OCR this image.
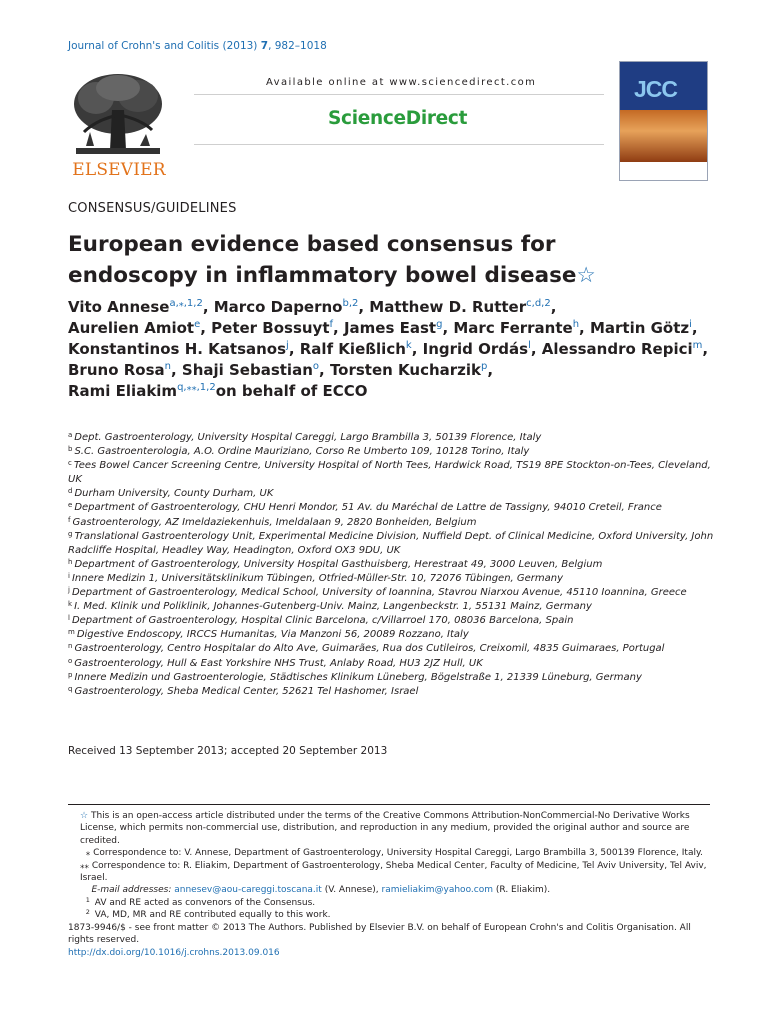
Journal of Crohn's and Colitis (2013) 7, 982–1018
ELSEVIER
Available online at www.sciencedirect.com
ScienceDirect
JCC
CONSENSUS/GUIDELINES
European evidence based consensus for
endoscopy in inflammatory bowel disease☆
Vito Annese$^{a,⁎,1,2}$, Marco Daperno$^{b,2}$, Matthew D. Rutter$^{c,d,2}$,
Aurelien Amiot$^e$, Peter Bossuyt$^f$, James East$^g$, Marc Ferrante$^h$, Martin Götz$^i$,
Konstantinos H. Katsanos$^j$, Ralf Kießlich$^k$, Ingrid Ordás$^l$, Alessandro Repici$^m$,
Bruno Rosa$^n$, Shaji Sebastian$^o$, Torsten Kucharzik$^p$,
Rami Eliakim$^{q,⁎⁎,1,2}$on behalf of ECCO
$^a$ Dept. Gastroenterology, University Hospital Careggi, Largo Brambilla 3, 50139 Florence, Italy
$^b$ S.C. Gastroenterologia, A.O. Ordine Mauriziano, Corso Re Umberto 109, 10128 Torino, Italy
$^c$ Tees Bowel Cancer Screening Centre, University Hospital of North Tees, Hardwick Road, TS19 8PE Stockton-on-Tees, Cleveland, UK
$^d$ Durham University, County Durham, UK
$^e$ Department of Gastroenterology, CHU Henri Mondor, 51 Av. du Maréchal de Lattre de Tassigny, 94010 Creteil, France
$^f$ Gastroenterology, AZ Imeldaziekenhuis, Imeldalaan 9, 2820 Bonheiden, Belgium
$^g$ Translational Gastroenterology Unit, Experimental Medicine Division, Nuffield Dept. of Clinical Medicine, Oxford University, John Radcliffe Hospital, Headley Way, Headington, Oxford OX3 9DU, UK
$^h$ Department of Gastroenterology, University Hospital Gasthuisberg, Herestraat 49, 3000 Leuven, Belgium
$^i$ Innere Medizin 1, Universitätsklinikum Tübingen, Otfried-Müller-Str. 10, 72076 Tübingen, Germany
$^j$ Department of Gastroenterology, Medical School, University of Ioannina, Stavrou Niarxou Avenue, 45110 Ioannina, Greece
$^k$ I. Med. Klinik und Poliklinik, Johannes-Gutenberg-Univ. Mainz, Langenbeckstr. 1, 55131 Mainz, Germany
$^l$ Department of Gastroenterology, Hospital Clinic Barcelona, c/Villarroel 170, 08036 Barcelona, Spain
$^m$ Digestive Endoscopy, IRCCS Humanitas, Via Manzoni 56, 20089 Rozzano, Italy
$^n$ Gastroenterology, Centro Hospitalar do Alto Ave, Guimarães, Rua dos Cutileiros, Creixomil, 4835 Guimaraes, Portugal
$^o$ Gastroenterology, Hull & East Yorkshire NHS Trust, Anlaby Road, HU3 2JZ Hull, UK
$^p$ Innere Medizin und Gastroenterologie, Städtisches Klinikum Lüneberg, Bögelstraße 1, 21339 Lüneburg, Germany
$^q$ Gastroenterology, Sheba Medical Center, 52621 Tel Hashomer, Israel
Received 13 September 2013; accepted 20 September 2013
☆ This is an open-access article distributed under the terms of the Creative Commons Attribution-NonCommercial-No Derivative Works License, which permits non-commercial use, distribution, and reproduction in any medium, provided the original author and source are credited.
⁎ Correspondence to: V. Annese, Department of Gastroenterology, University Hospital Careggi, Largo Brambilla 3, 500139 Florence, Italy.
⁎⁎ Correspondence to: R. Eliakim, Department of Gastroenterology, Sheba Medical Center, Faculty of Medicine, Tel Aviv University, Tel Aviv, Israel.
E-mail addresses: annesev@aou-careggi.toscana.it (V. Annese), ramieliakim@yahoo.com (R. Eliakim).
$^1$ AV and RE acted as convenors of the Consensus.
$^2$ VA, MD, MR and RE contributed equally to this work.
1873-9946/$ - see front matter © 2013 The Authors. Published by Elsevier B.V. on behalf of European Crohn's and Colitis Organisation. All rights reserved.
http://dx.doi.org/10.1016/j.crohns.2013.09.016
